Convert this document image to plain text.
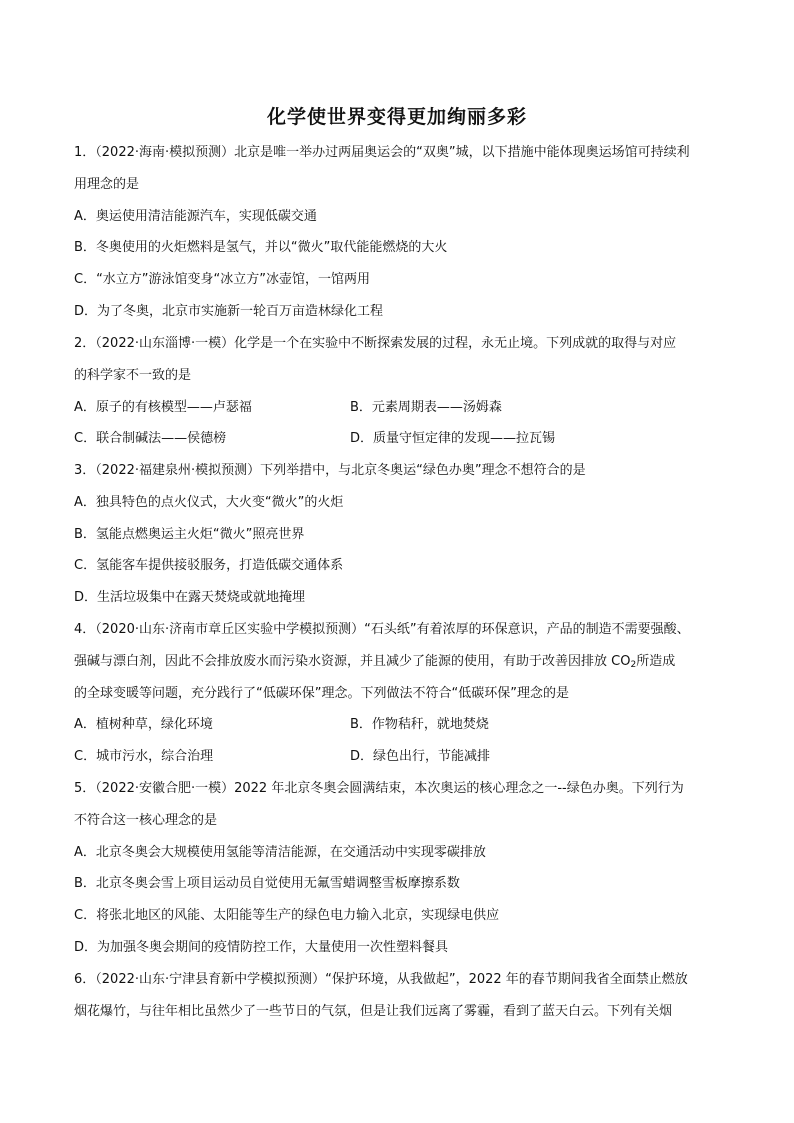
化学使世界变得更加绚丽多彩
1．（2022·海南·模拟预测）北京是唯一举办过两届奥运会的“双奥”城，以下措施中能体现奥运场馆可持续利
用理念的是
A．奥运使用清洁能源汽车，实现低碳交通
B．冬奥使用的火炬燃料是氢气，并以“微火”取代能能燃烧的大火
C．“水立方”游泳馆变身“冰立方”冰壶馆，一馆两用
D．为了冬奥，北京市实施新一轮百万亩造林绿化工程
2．（2022·山东淄博·一模）化学是一个在实验中不断探索发展的过程，永无止境。下列成就的取得与对应
的科学家不一致的是
A．原子的有核模型——卢瑟福	B．元素周期表——汤姆森
C．联合制碱法——侯德榜	D．质量守恒定律的发现——拉瓦锡
3．（2022·福建泉州·模拟预测）下列举措中，与北京冬奥运“绿色办奥”理念不想符合的是
A．独具特色的点火仪式，大火变“微火”的火炬
B．氢能点燃奥运主火炬“微火”照亮世界
C．氢能客车提供接驳服务，打造低碳交通体系
D．生活垃圾集中在露天焚烧或就地掩埋
4．（2020·山东·济南市章丘区实验中学模拟预测）“石头纸”有着浓厚的环保意识，产品的制造不需要强酸、
强碱与漂白剂，因此不会排放废水而污染水资源，并且减少了能源的使用，有助于改善因排放 $CO_2$所造成
的全球变暖等问题，充分践行了“低碳环保”理念。下列做法不符合“低碳环保”理念的是
A．植树种草，绿化环境	B．作物秸秆，就地焚烧
C．城市污水，综合治理	D．绿色出行，节能减排
5．（2022·安徽合肥·一模）2022 年北京冬奥会圆满结束，本次奥运的核心理念之一--绿色办奥。下列行为
不符合这一核心理念的是
A．北京冬奥会大规模使用氢能等清洁能源，在交通活动中实现零碳排放
B．北京冬奥会雪上项目运动员自觉使用无氟雪蜡调整雪板摩擦系数
C．将张北地区的风能、太阳能等生产的绿色电力输入北京，实现绿电供应
D．为加强冬奥会期间的疫情防控工作，大量使用一次性塑料餐具
6．（2022·山东·宁津县育新中学模拟预测）“保护环境，从我做起”，2022 年的春节期间我省全面禁止燃放
烟花爆竹，与往年相比虽然少了一些节日的气氛，但是让我们远离了雾霾，看到了蓝天白云。下列有关烟
